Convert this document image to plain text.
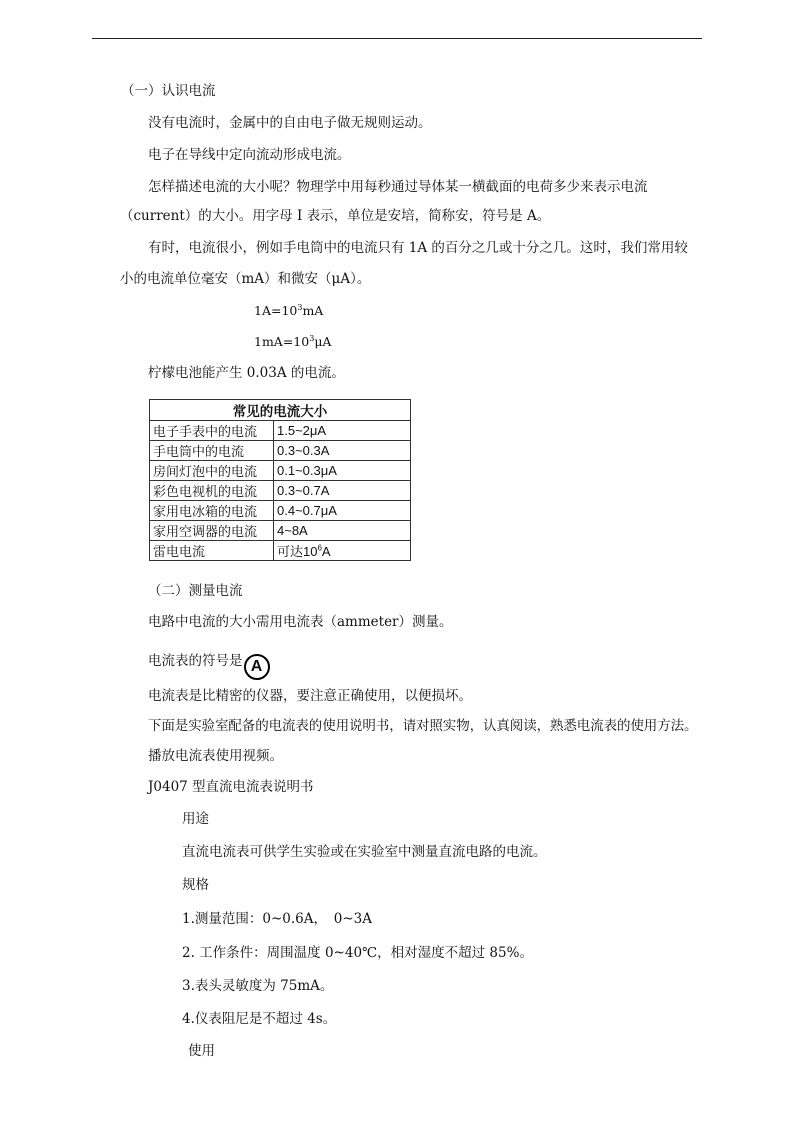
（一）认识电流
没有电流时，金属中的自由电子做无规则运动。
电子在导线中定向流动形成电流。
怎样描述电流的大小呢？物理学中用每秒通过导体某一横截面的电荷多少来表示电流
（current）的大小。用字母 I 表示，单位是安培，简称安，符号是 A。
有时，电流很小，例如手电筒中的电流只有 1A 的百分之几或十分之几。这时，我们常用较
小的电流单位毫安（mA）和微安（μA）。
$1A=10^3mA$
$1mA=10^3\mu A$
柠檬电池能产生 0.03A 的电流。
常见的电流大小	
电子手表中的电流	1.5~2μA
手电筒中的电流	0.3~0.3A
房间灯泡中的电流	0.1~0.3μA
彩色电视机的电流	0.3~0.7A
家用电冰箱的电流	0.4~0.7μA
家用空调器的电流	4~8A
雷电电流	可达$10^6A$
（二）测量电流
电路中电流的大小需用电流表（ammeter）测量。
电流表的符号是 A
电流表是比精密的仪器，要注意正确使用，以便损坏。
下面是实验室配备的电流表的使用说明书，请对照实物，认真阅读，熟悉电流表的使用方法。
播放电流表使用视频。
J0407 型直流电流表说明书
用途
直流电流表可供学生实验或在实验室中测量直流电路的电流。
规格
1.测量范围：0~0.6A，　0~3A
2. 工作条件：周围温度 0~40℃，相对湿度不超过 85%。
3.表头灵敏度为 75mA。
4.仪表阻尼是不超过 4s。
使用
